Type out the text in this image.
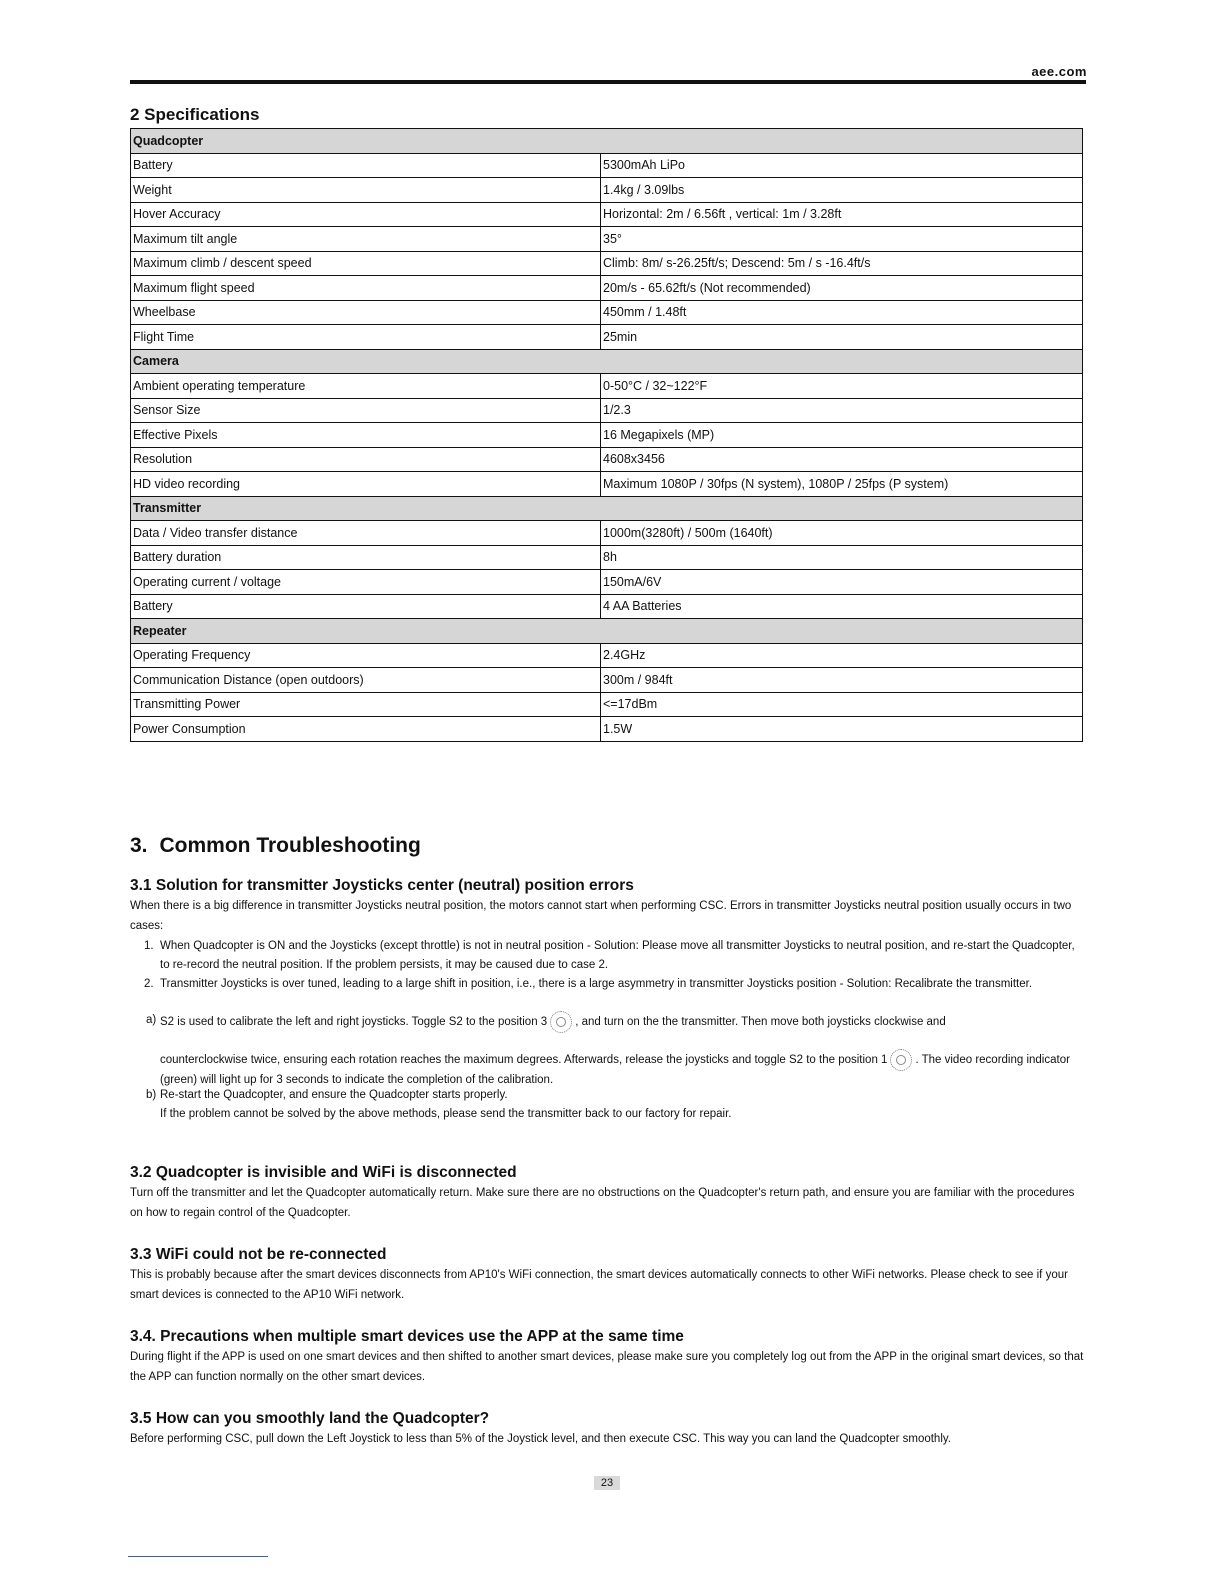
aee.com
2 Specifications
Quadcopter	
Battery	5300mAh LiPo
Weight	1.4kg / 3.09lbs
Hover Accuracy	Horizontal: 2m / 6.56ft , vertical: 1m / 3.28ft
Maximum tilt angle	35°
Maximum climb / descent speed	Climb: 8m/ s-26.25ft/s; Descend: 5m / s -16.4ft/s
Maximum flight speed	20m/s - 65.62ft/s (Not recommended)
Wheelbase	450mm / 1.48ft
Flight Time	25min
Camera	
Ambient operating temperature	0-50°C / 32~122°F
Sensor Size	1/2.3
Effective Pixels	16 Megapixels (MP)
Resolution	4608x3456
HD video recording	Maximum 1080P / 30fps (N system), 1080P / 25fps (P system)
Transmitter	
Data / Video transfer distance	1000m(3280ft) / 500m (1640ft)
Battery duration	8h
Operating current / voltage	150mA/6V
Battery	4 AA Batteries
Repeater	
Operating Frequency	2.4GHz
Communication Distance (open outdoors)	300m / 984ft
Transmitting Power	<=17dBm
Power Consumption	1.5W
3. Common Troubleshooting
3.1 Solution for transmitter Joysticks center (neutral) position errors

When there is a big difference in transmitter Joysticks neutral position, the motors cannot start when performing CSC. Errors in transmitter Joysticks neutral position usually occurs in two cases:

1. When Quadcopter is ON and the Joysticks (except throttle) is not in neutral position - Solution: Please move all transmitter Joysticks to neutral position, and re-start the Quadcopter, to re-record the neutral position. If the problem persists, it may be caused due to case 2.
2. Transmitter Joysticks is over tuned, leading to a large shift in position, i.e., there is a large asymmetry in transmitter Joysticks position - Solution: Recalibrate the transmitter.
a) S2 is used to calibrate the left and right joysticks. Toggle S2 to the position 3 , and turn on the the transmitter. Then move both joysticks clockwise and
counterclockwise twice, ensuring each rotation reaches the maximum degrees. Afterwards, release the joysticks and toggle S2 to the position 1 . The video recording indicator (green) will light up for 3 seconds to indicate the completion of the calibration.
b) Re-start the Quadcopter, and ensure the Quadcopter starts properly.
If the problem cannot be solved by the above methods, please send the transmitter back to our factory for repair.
3.2 Quadcopter is invisible and WiFi is disconnected

Turn off the transmitter and let the Quadcopter automatically return. Make sure there are no obstructions on the Quadcopter's return path, and ensure you are familiar with the procedures on how to regain control of the Quadcopter.

3.3 WiFi could not be re-connected

This is probably because after the smart devices disconnects from AP10's WiFi connection, the smart devices automatically connects to other WiFi networks. Please check to see if your smart devices is connected to the AP10 WiFi network.

3.4. Precautions when multiple smart devices use the APP at the same time

During flight if the APP is used on one smart devices and then shifted to another smart devices, please make sure you completely log out from the APP in the original smart devices, so that the APP can function normally on the other smart devices.

3.5 How can you smoothly land the Quadcopter?

Before performing CSC, pull down the Left Joystick to less than 5% of the Joystick level, and then execute CSC. This way you can land the Quadcopter smoothly.

23
